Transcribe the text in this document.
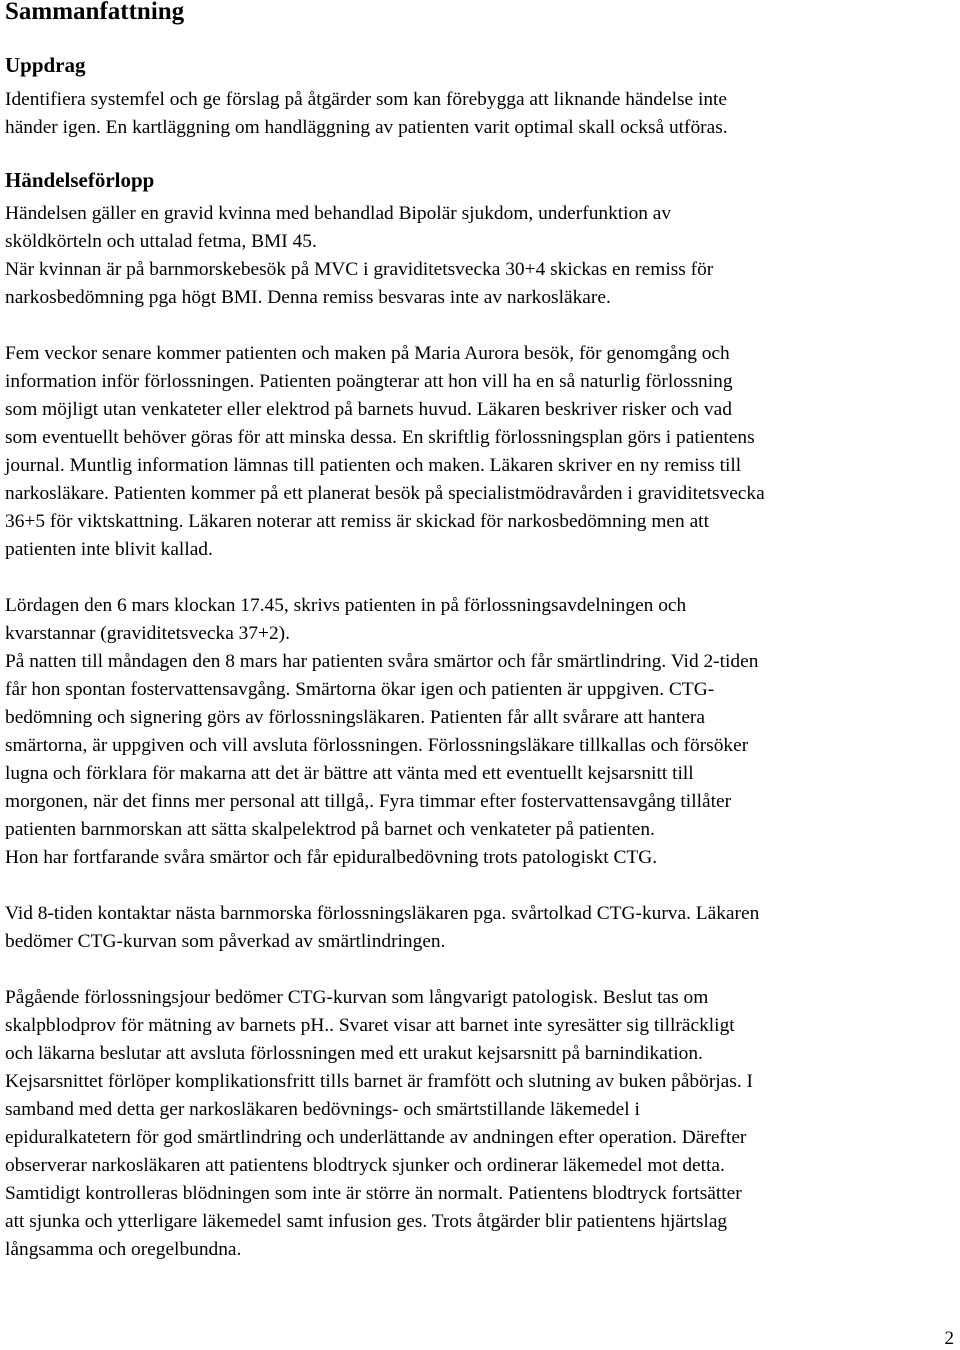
Sammanfattning
Uppdrag

Identifiera systemfel och ge förslag på åtgärder som kan förebygga att liknande händelse inte

händer igen. En kartläggning om handläggning av patienten varit optimal skall också utföras.

Händelseförlopp

Händelsen gäller en gravid kvinna med behandlad Bipolär sjukdom, underfunktion av

sköldkörteln och uttalad fetma, BMI 45.

När kvinnan är på barnmorskebesök på MVC i graviditetsvecka 30+4 skickas en remiss för

narkosbedömning pga högt BMI. Denna remiss besvaras inte av narkosläkare.

Fem veckor senare kommer patienten och maken på Maria Aurora besök, för genomgång och

information inför förlossningen. Patienten poängterar att hon vill ha en så naturlig förlossning

som möjligt utan venkateter eller elektrod på barnets huvud. Läkaren beskriver risker och vad

som eventuellt behöver göras för att minska dessa. En skriftlig förlossningsplan görs i patientens

journal. Muntlig information lämnas till patienten och maken. Läkaren skriver en ny remiss till

narkosläkare. Patienten kommer på ett planerat besök på specialistmödravården i graviditetsvecka

36+5 för viktskattning. Läkaren noterar att remiss är skickad för narkosbedömning men att

patienten inte blivit kallad.

Lördagen den 6 mars klockan 17.45, skrivs patienten in på förlossningsavdelningen och

kvarstannar (graviditetsvecka 37+2).

På natten till måndagen den 8 mars har patienten svåra smärtor och får smärtlindring. Vid 2-tiden

får hon spontan fostervattensavgång. Smärtorna ökar igen och patienten är uppgiven. CTG-

bedömning och signering görs av förlossningsläkaren. Patienten får allt svårare att hantera

smärtorna, är uppgiven och vill avsluta förlossningen. Förlossningsläkare tillkallas och försöker

lugna och förklara för makarna att det är bättre att vänta med ett eventuellt kejsarsnitt till

morgonen, när det finns mer personal att tillgå,. Fyra timmar efter fostervattensavgång tillåter

patienten barnmorskan att sätta skalpelektrod på barnet och venkateter på patienten.

Hon har fortfarande svåra smärtor och får epiduralbedövning trots patologiskt CTG.

Vid 8-tiden kontaktar nästa barnmorska förlossningsläkaren pga. svårtolkad CTG-kurva. Läkaren

bedömer CTG-kurvan som påverkad av smärtlindringen.

Pågående förlossningsjour bedömer CTG-kurvan som långvarigt patologisk. Beslut tas om

skalpblodprov för mätning av barnets pH.. Svaret visar att barnet inte syresätter sig tillräckligt

och läkarna beslutar att avsluta förlossningen med ett urakut kejsarsnitt på barnindikation.

Kejsarsnittet förlöper komplikationsfritt tills barnet är framfött och slutning av buken påbörjas. I

samband med detta ger narkosläkaren bedövnings- och smärtstillande läkemedel i

epiduralkatetern för god smärtlindring och underlättande av andningen efter operation. Därefter

observerar narkosläkaren att patientens blodtryck sjunker och ordinerar läkemedel mot detta.

Samtidigt kontrolleras blödningen som inte är större än normalt. Patientens blodtryck fortsätter

att sjunka och ytterligare läkemedel samt infusion ges. Trots åtgärder blir patientens hjärtslag

långsamma och oregelbundna.

2
